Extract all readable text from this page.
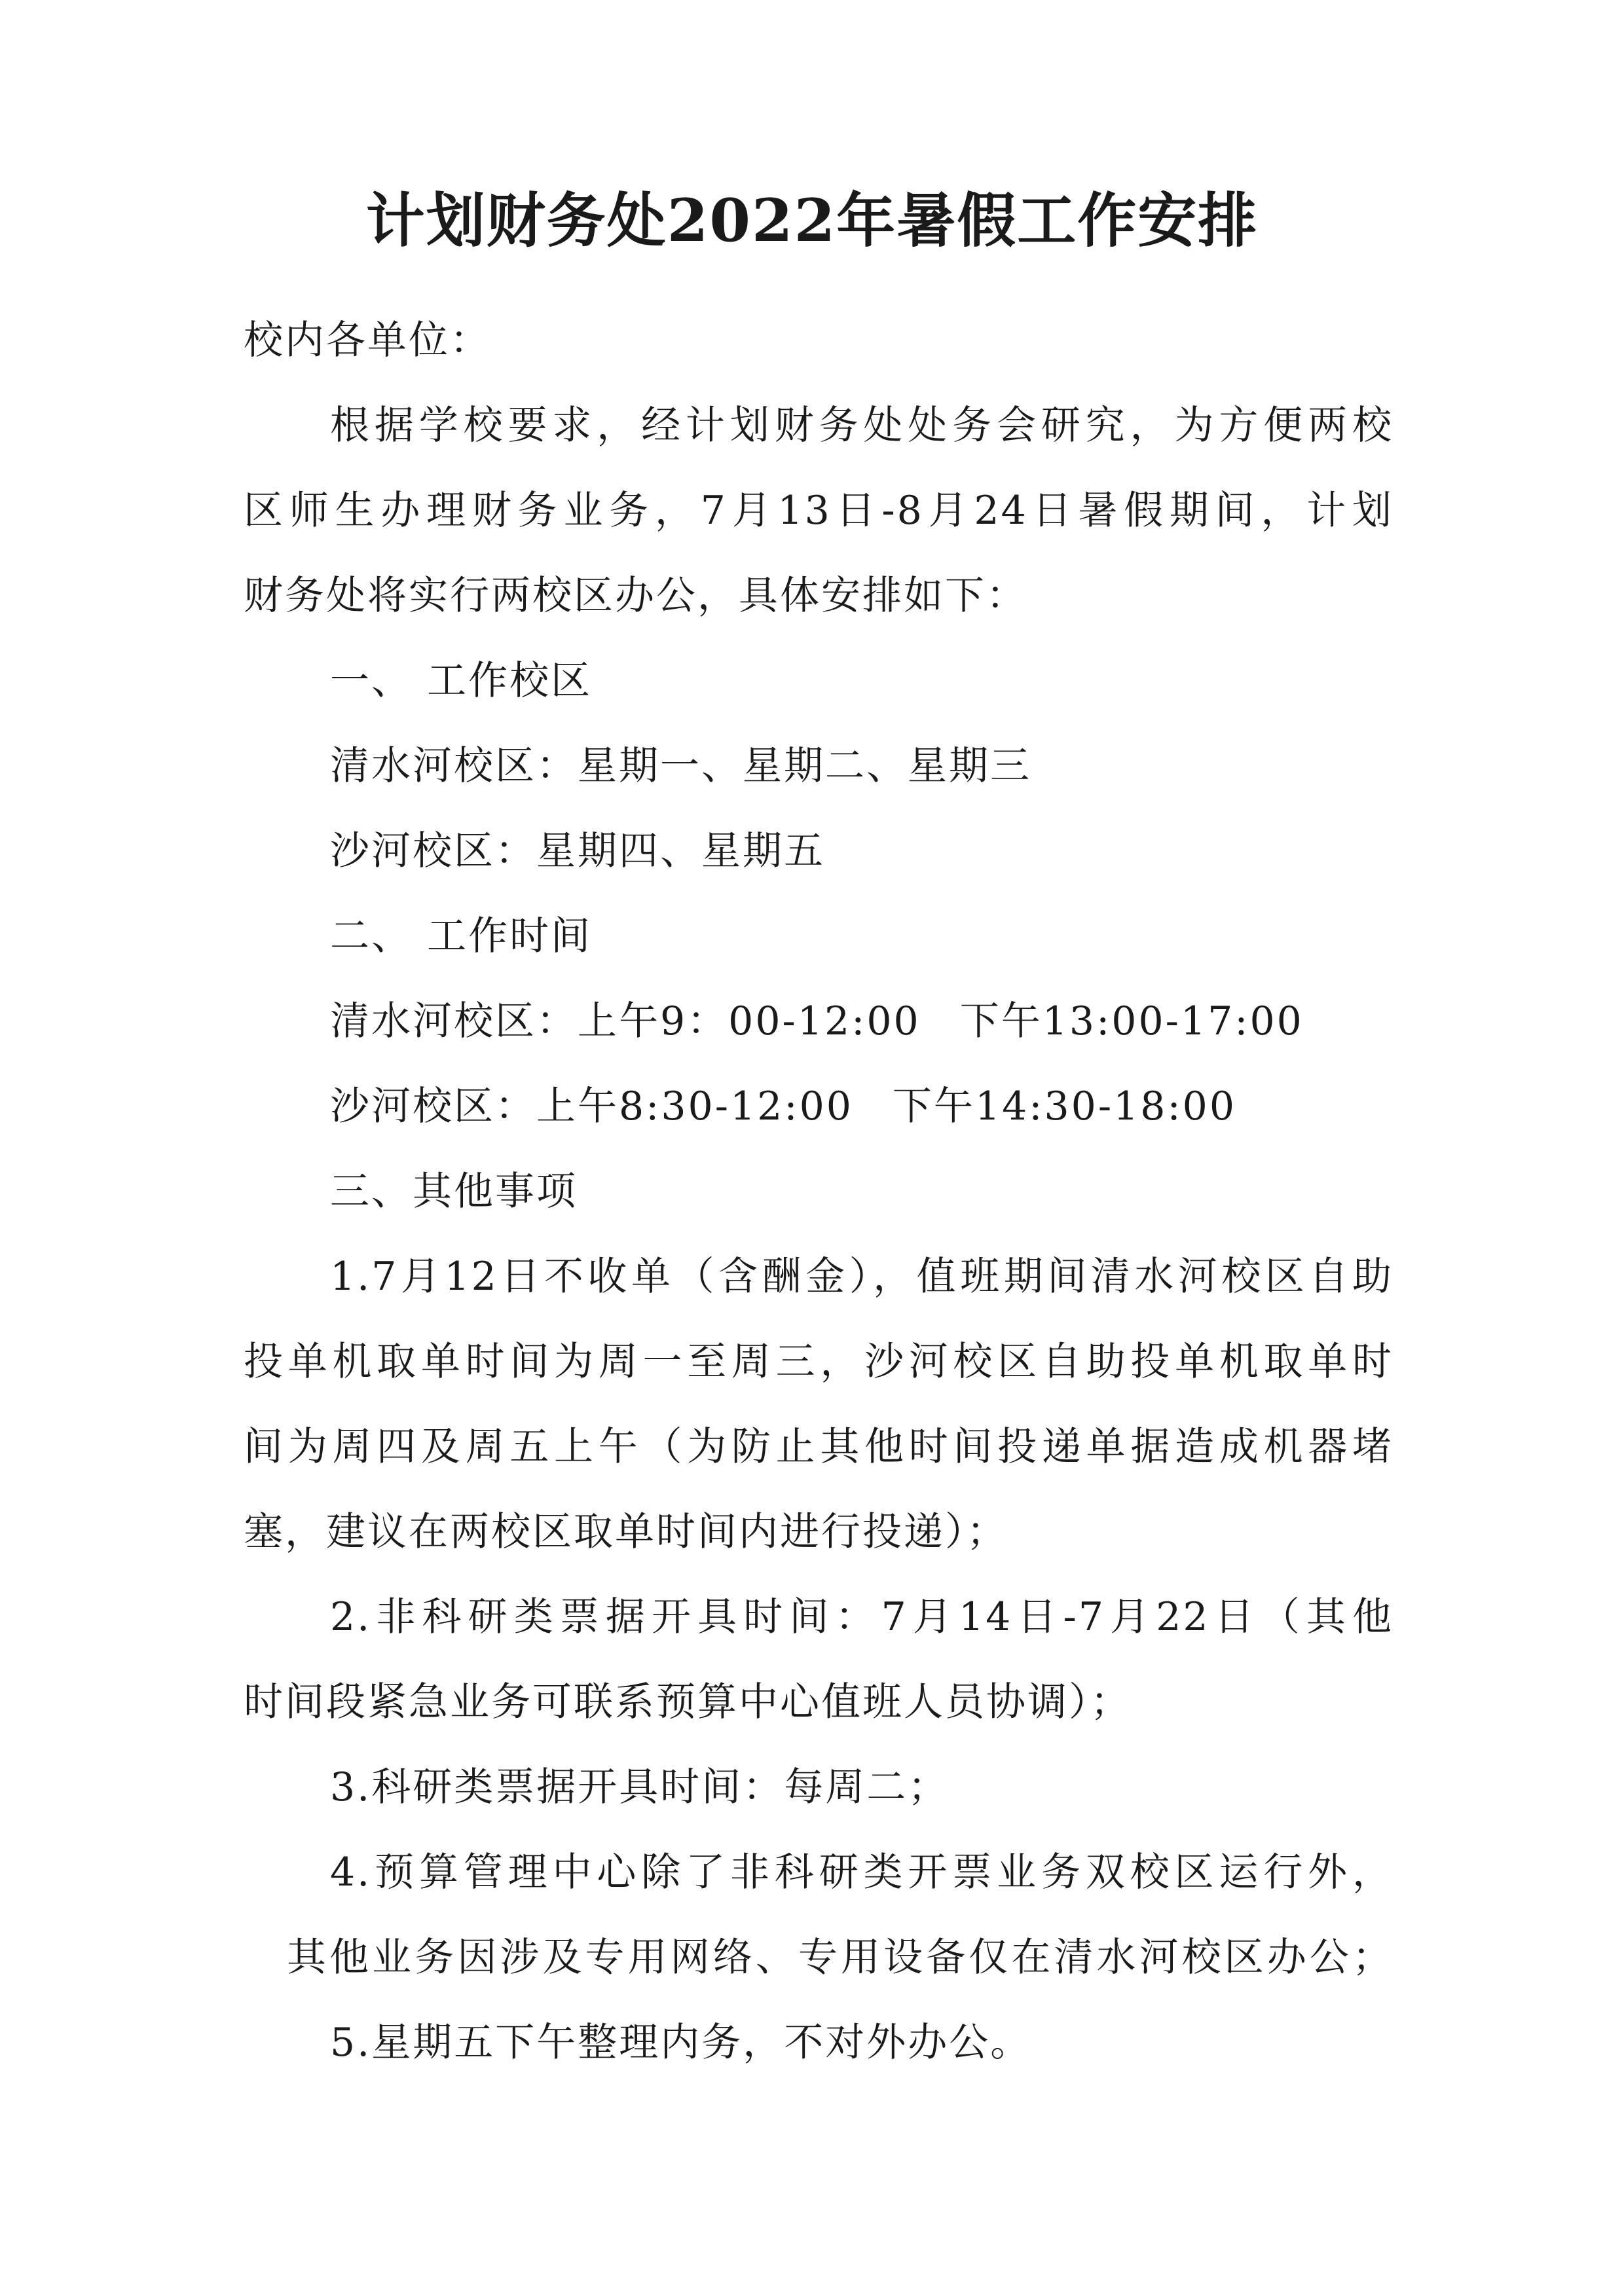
计划财务处2022年暑假工作安排
校内各单位：
根据学校要求，经计划财务处处务会研究，为方便两校
区师生办理财务业务，7月13日-8月24日暑假期间，计划
财务处将实行两校区办公，具体安排如下：
一、 工作校区
清水河校区：星期一、星期二、星期三
沙河校区：星期四、星期五
二、 工作时间
清水河校区：上午9：00-12:00 下午13:00-17:00
沙河校区：上午8:30-12:00 下午14:30-18:00
三、其他事项
1.7月12日不收单（含酬金），值班期间清水河校区自助
投单机取单时间为周一至周三，沙河校区自助投单机取单时
间为周四及周五上午（为防止其他时间投递单据造成机器堵
塞，建议在两校区取单时间内进行投递）；
2.非科研类票据开具时间：7月14日-7月22日（其他
时间段紧急业务可联系预算中心值班人员协调）；
3.科研类票据开具时间：每周二；
4.预算管理中心除了非科研类开票业务双校区运行外，
其他业务因涉及专用网络、专用设备仅在清水河校区办公；
5.星期五下午整理内务，不对外办公。
